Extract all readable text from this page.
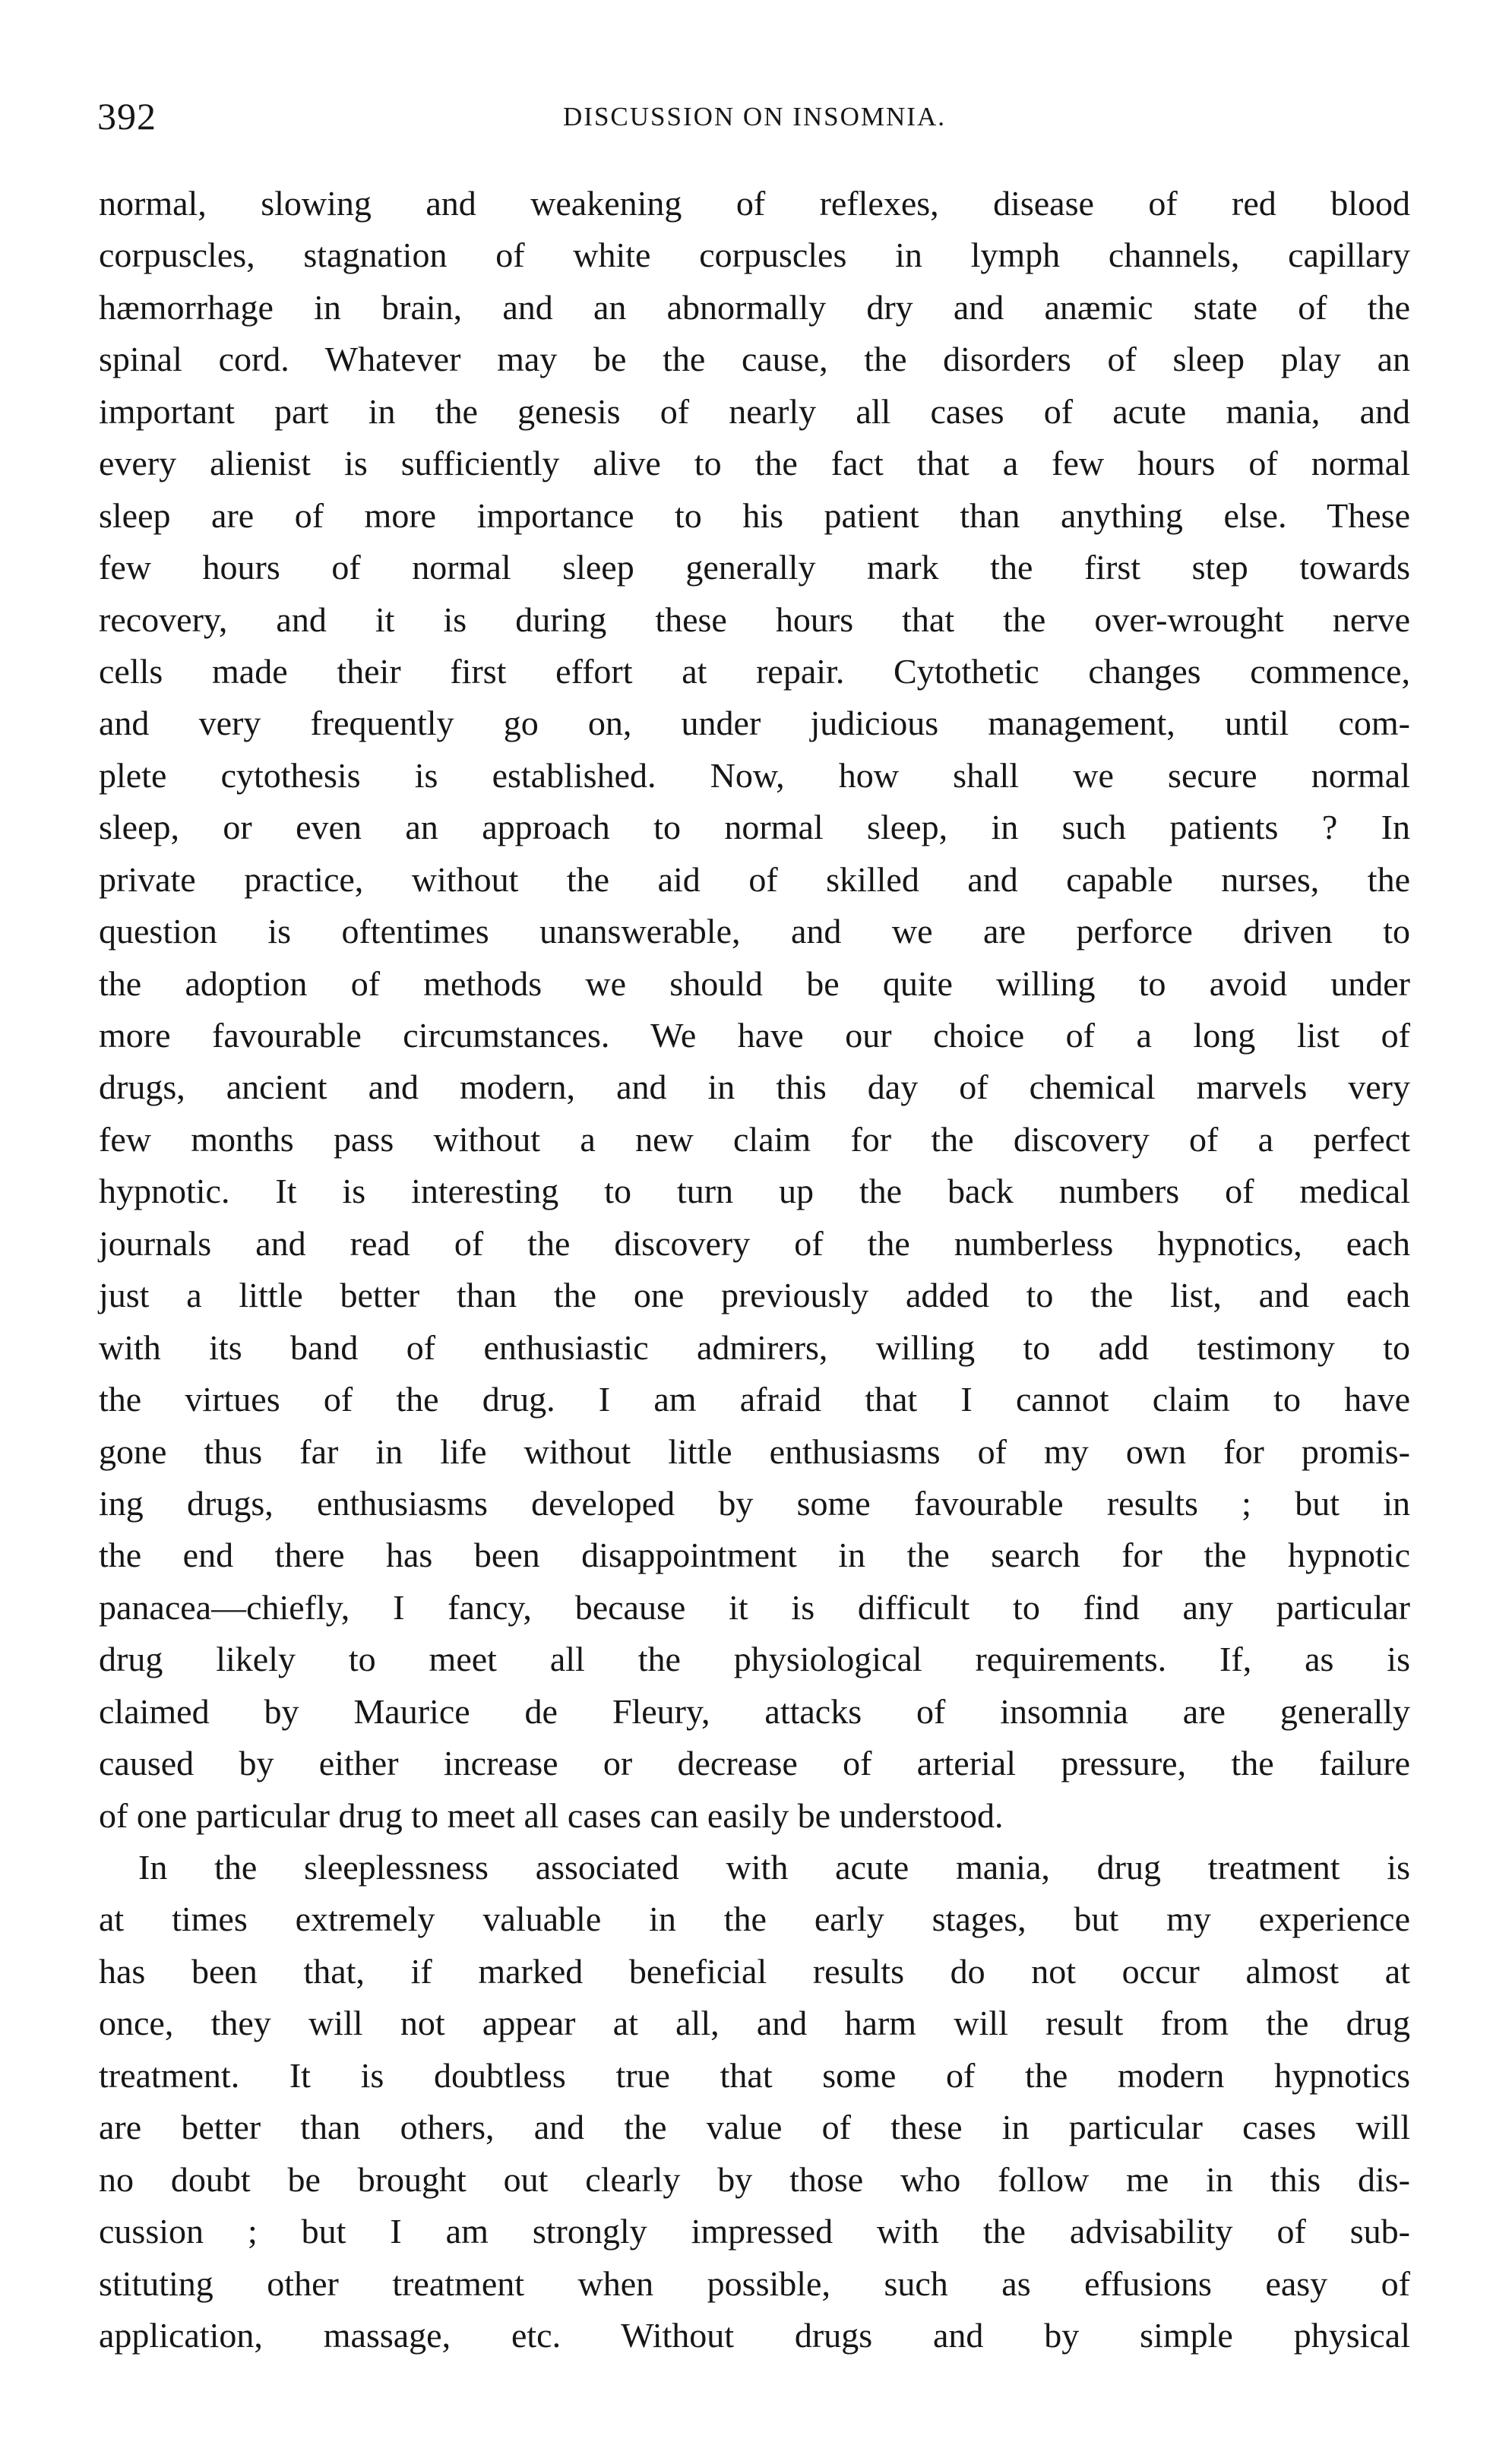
392	DISCUSSION ON INSOMNIA.
normal, slowing and weakening of reflexes, disease of red blood
corpuscles, stagnation of white corpuscles in lymph channels, capillary
hæmorrhage in brain, and an abnormally dry and anæmic state of the
spinal cord. Whatever may be the cause, the disorders of sleep play an
important part in the genesis of nearly all cases of acute mania, and
every alienist is sufficiently alive to the fact that a few hours of normal
sleep are of more importance to his patient than anything else. These
few hours of normal sleep generally mark the first step towards
recovery, and it is during these hours that the over-wrought nerve
cells made their first effort at repair. Cytothetic changes commence,
and very frequently go on, under judicious management, until com-
plete cytothesis is established. Now, how shall we secure normal
sleep, or even an approach to normal sleep, in such patients ? In
private practice, without the aid of skilled and capable nurses, the
question is oftentimes unanswerable, and we are perforce driven to
the adoption of methods we should be quite willing to avoid under
more favourable circumstances. We have our choice of a long list of
drugs, ancient and modern, and in this day of chemical marvels very
few months pass without a new claim for the discovery of a perfect
hypnotic. It is interesting to turn up the back numbers of medical
journals and read of the discovery of the numberless hypnotics, each
just a little better than the one previously added to the list, and each
with its band of enthusiastic admirers, willing to add testimony to
the virtues of the drug. I am afraid that I cannot claim to have
gone thus far in life without little enthusiasms of my own for promis-
ing drugs, enthusiasms developed by some favourable results ; but in
the end there has been disappointment in the search for the hypnotic
panacea—chiefly, I fancy, because it is difficult to find any particular
drug likely to meet all the physiological requirements. If, as is
claimed by Maurice de Fleury, attacks of insomnia are generally
caused by either increase or decrease of arterial pressure, the failure
of one particular drug to meet all cases can easily be understood.
In the sleeplessness associated with acute mania, drug treatment is
at times extremely valuable in the early stages, but my experience
has been that, if marked beneficial results do not occur almost at
once, they will not appear at all, and harm will result from the drug
treatment. It is doubtless true that some of the modern hypnotics
are better than others, and the value of these in particular cases will
no doubt be brought out clearly by those who follow me in this dis-
cussion ; but I am strongly impressed with the advisability of sub-
stituting other treatment when possible, such as effusions easy of
application, massage, etc. Without drugs and by simple physical
